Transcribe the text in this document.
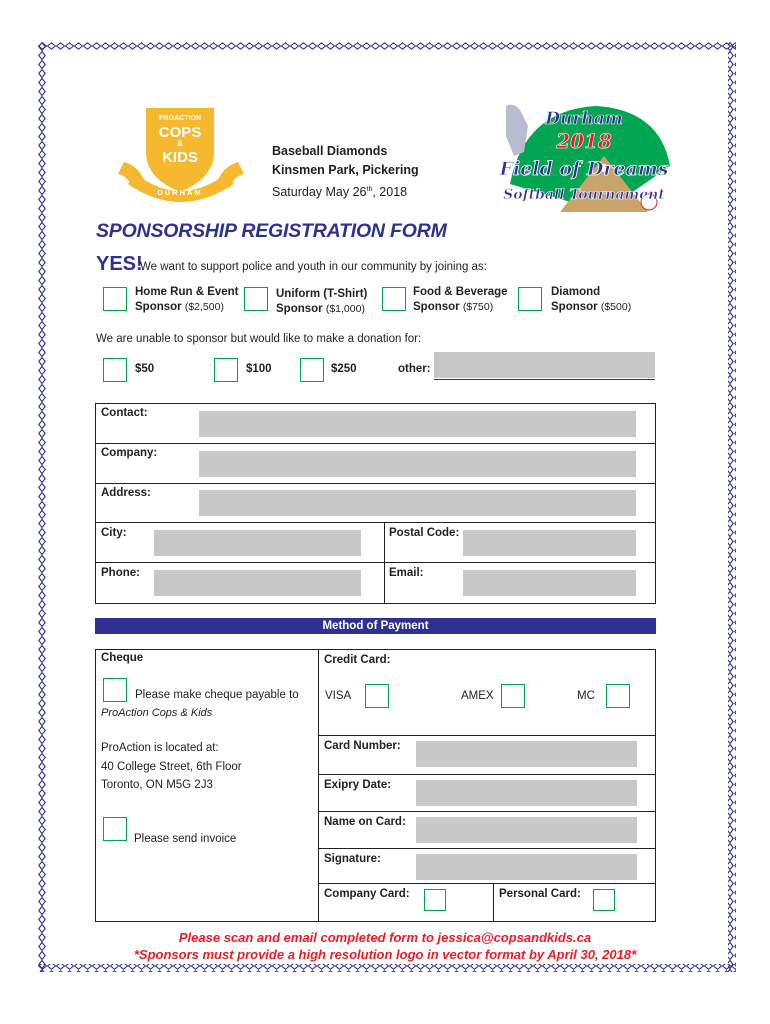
PROACTION
COPS
&
KIDS
DURHAM
Baseball Diamonds
Kinsmen Park, Pickering
Saturday May 26th, 2018
Durham
2018
Field of Dreams
Softball Tournament
SPONSORSHIP REGISTRATION FORM
YES!
We want to support police and youth in our community by joining as:
Home Run & Event
Sponsor ($2,500)
Uniform (T-Shirt)
Sponsor ($1,000)
Food & Beverage
Sponsor ($750)
Diamond
Sponsor ($500)
We are unable to sponsor but would like to make a donation for:
$50	$100	$250	other:
Contact:
Company:
Address:
City:	Postal Code:
Phone:	Email:
Method of Payment
Cheque
Please make cheque payable to
ProAction Cops & Kids
ProAction is located at:
40 College Street, 6th Floor
Toronto, ON M5G 2J3
Please send invoice
Credit Card:
VISA	AMEX	MC
Card Number:
Exipry Date:
Name on Card:
Signature:
Company Card:	Personal Card:
Please scan and email completed form to jessica@copsandkids.ca
*Sponsors must provide a high resolution logo in vector format by April 30, 2018*
